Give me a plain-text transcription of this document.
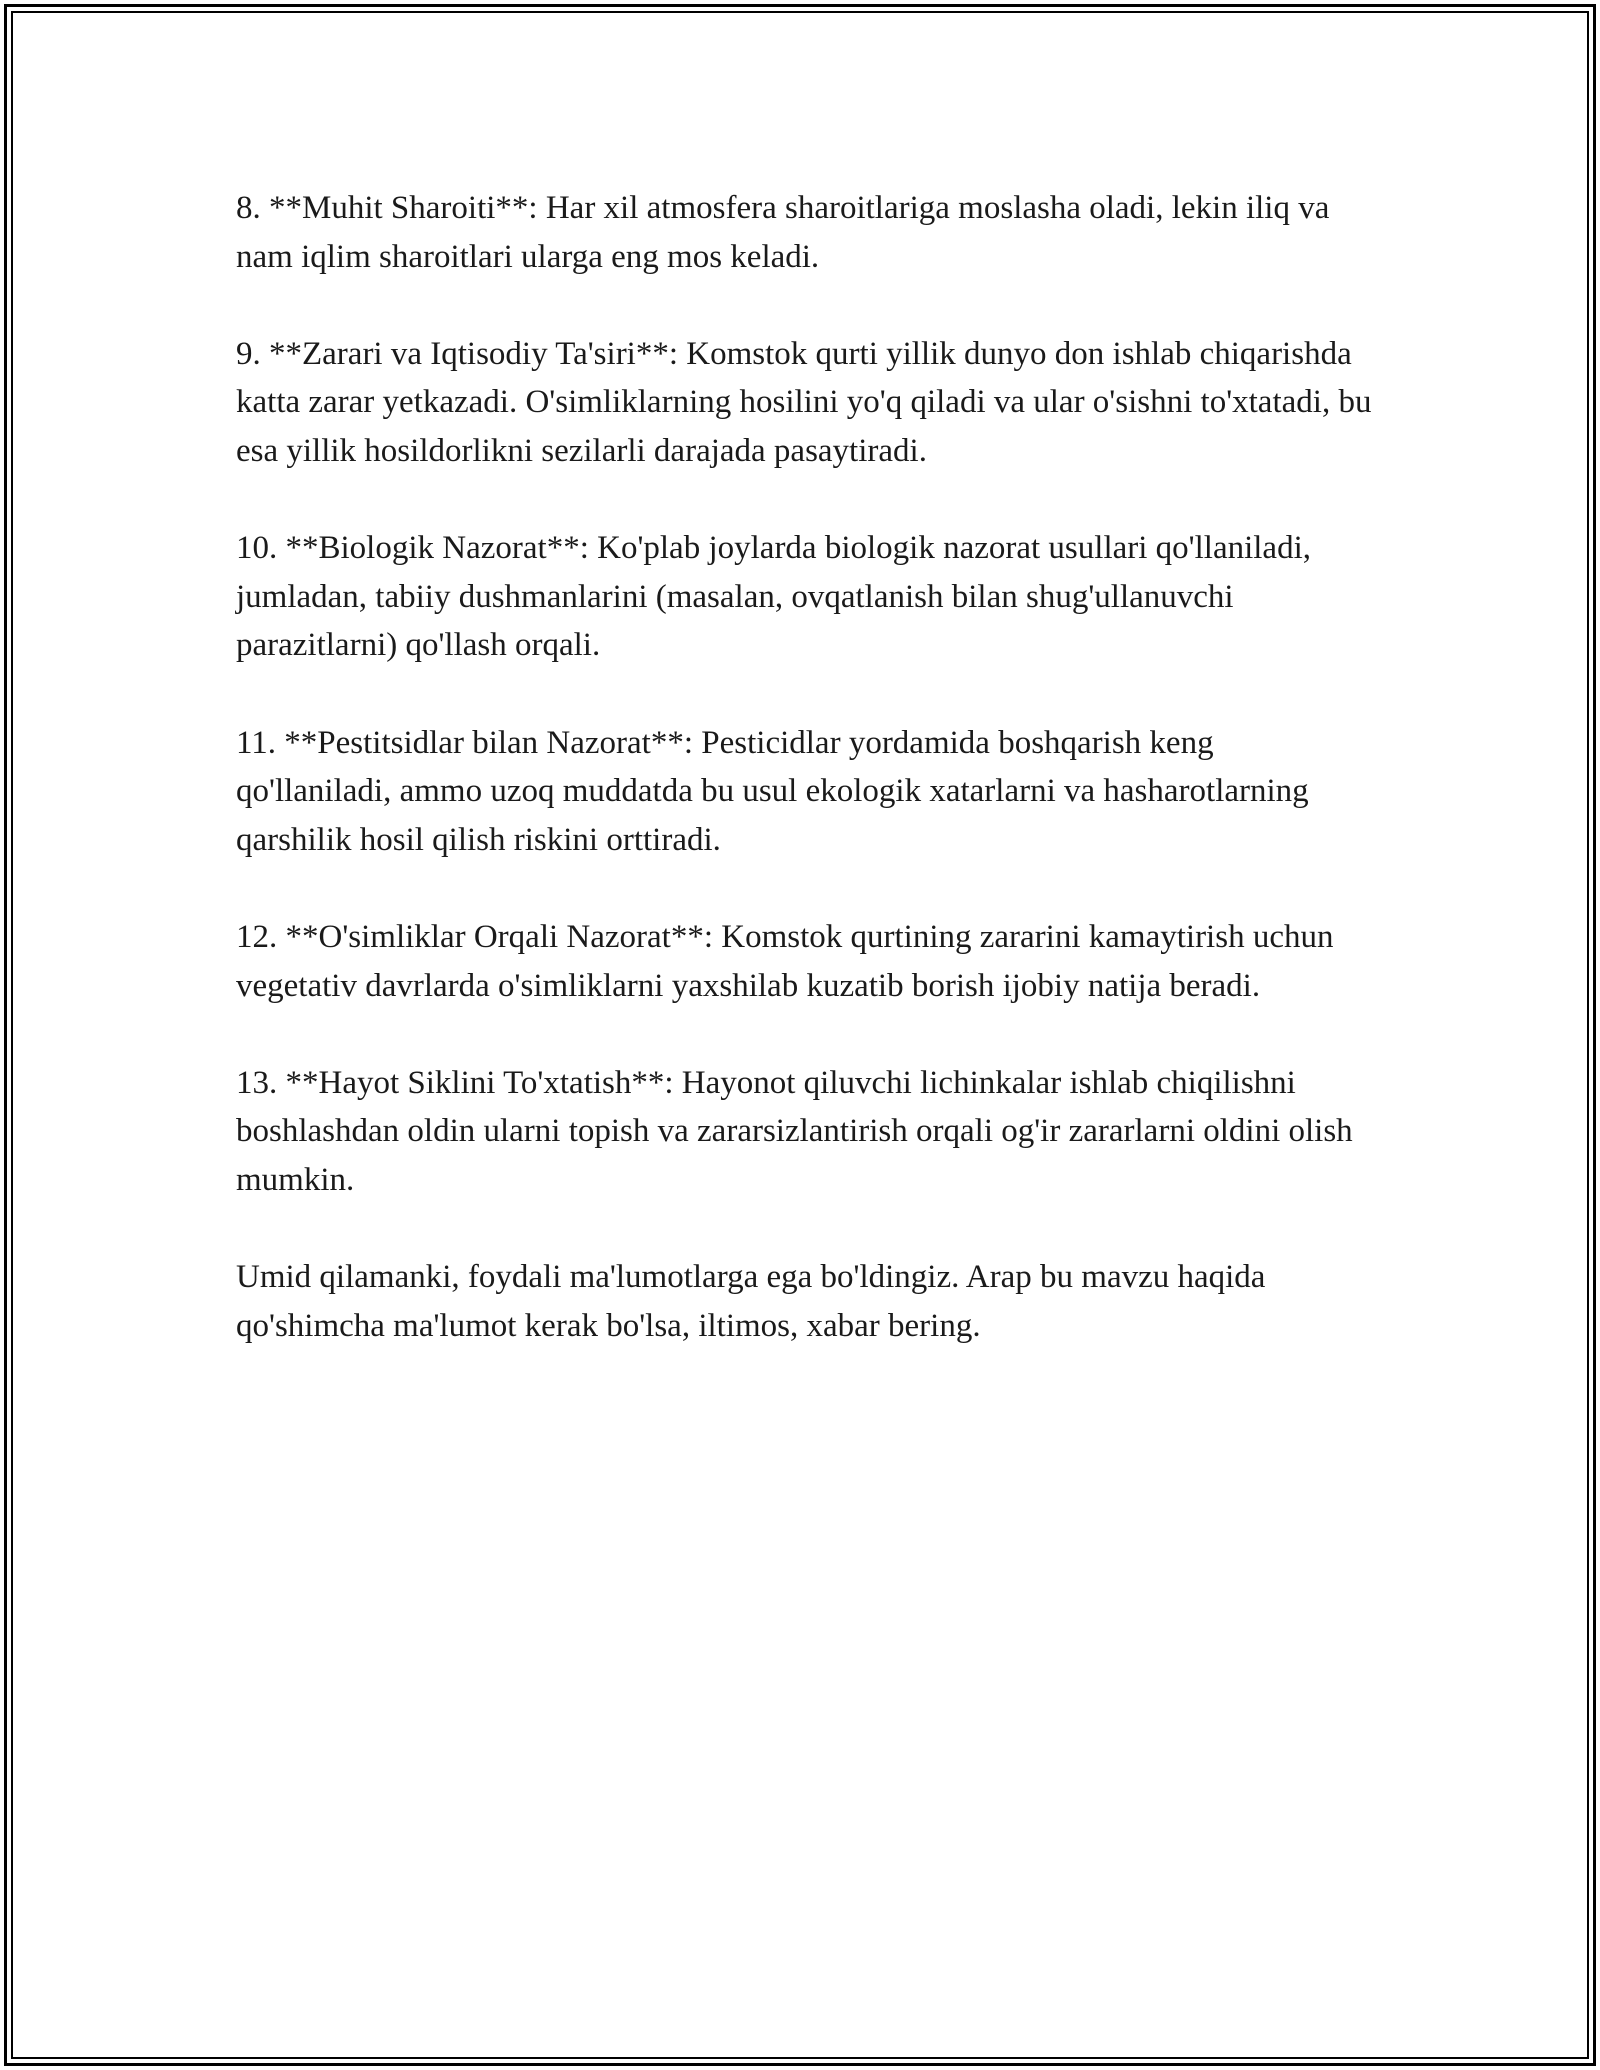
8. **Muhit Sharoiti**: Har xil atmosfera sharoitlariga moslasha oladi, lekin iliq va nam iqlim sharoitlari ularga eng mos keladi.

9. **Zarari va Iqtisodiy Ta'siri**: Komstok qurti yillik dunyo don ishlab chiqarishda katta zarar yetkazadi. O'simliklarning hosilini yo'q qiladi va ular o'sishni to'xtatadi, bu esa yillik hosildorlikni sezilarli darajada pasaytiradi.

10. **Biologik Nazorat**: Ko'plab joylarda biologik nazorat usullari qo'llaniladi, jumladan, tabiiy dushmanlarini (masalan, ovqatlanish bilan shug'ullanuvchi parazitlarni) qo'llash orqali.

11. **Pestitsidlar bilan Nazorat**: Pesticidlar yordamida boshqarish keng qo'llaniladi, ammo uzoq muddatda bu usul ekologik xatarlarni va hasharotlarning qarshilik hosil qilish riskini orttiradi.

12. **O'simliklar Orqali Nazorat**: Komstok qurtining zararini kamaytirish uchun vegetativ davrlarda o'simliklarni yaxshilab kuzatib borish ijobiy natija beradi.

13. **Hayot Siklini To'xtatish**: Hayonot qiluvchi lichinkalar ishlab chiqilishni boshlashdan oldin ularni topish va zararsizlantirish orqali og'ir zararlarni oldini olish mumkin.

Umid qilamanki, foydali ma'lumotlarga ega bo'ldingiz. Arap bu mavzu haqida qo'shimcha ma'lumot kerak bo'lsa, iltimos, xabar bering.
